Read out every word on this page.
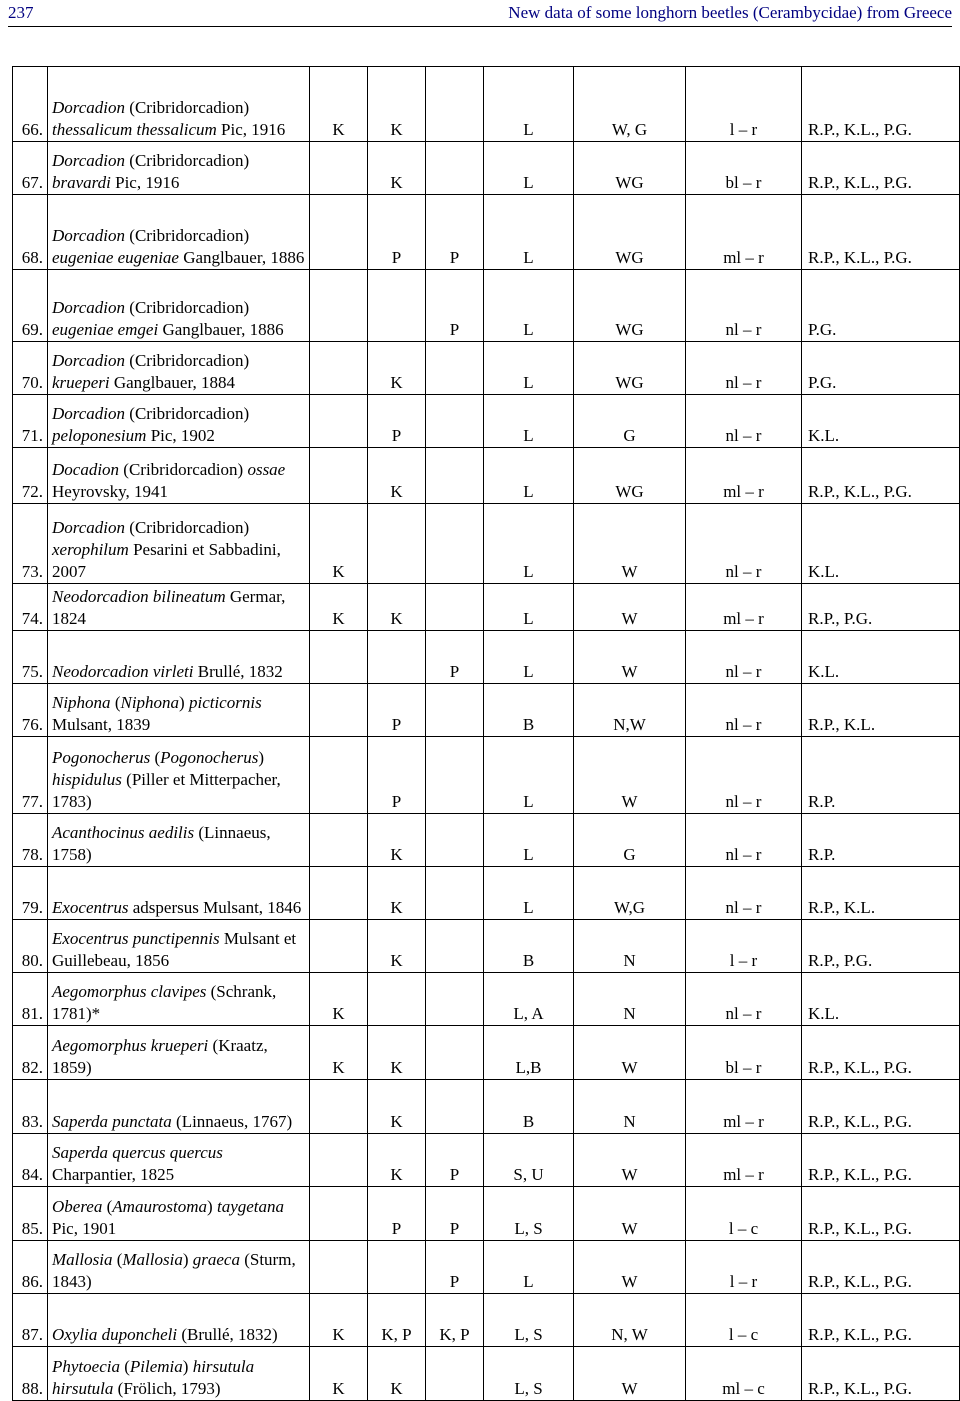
237	New data of some longhorn beetles (Cerambycidae) from Greece
66.	Dorcadion (Cribridorcadion) thessalicum thessalicum Pic, 1916	K	K		L	W, G	l – r	R.P., K.L., P.G.
67.	Dorcadion (Cribridorcadion) bravardi Pic, 1916		K		L	WG	bl – r	R.P., K.L., P.G.
68.	Dorcadion (Cribridorcadion) eugeniae eugeniae Ganglbauer, 1886		P	P	L	WG	ml – r	R.P., K.L., P.G.
69.	Dorcadion (Cribridorcadion) eugeniae emgei Ganglbauer, 1886			P	L	WG	nl – r	P.G.
70.	Dorcadion (Cribridorcadion) krueperi Ganglbauer, 1884		K		L	WG	nl – r	P.G.
71.	Dorcadion (Cribridorcadion) peloponesium Pic, 1902		P		L	G	nl – r	K.L.
72.	Docadion (Cribridorcadion) ossae Heyrovsky, 1941		K		L	WG	ml – r	R.P., K.L., P.G.
73.	Dorcadion (Cribridorcadion) xerophilum Pesarini et Sabbadini, 2007	K			L	W	nl – r	K.L.
74.	Neodorcadion bilineatum Germar, 1824	K	K		L	W	ml – r	R.P., P.G.
75.	Neodorcadion virleti Brullé, 1832			P	L	W	nl – r	K.L.
76.	Niphona (Niphona) picticornis Mulsant, 1839		P		B	N,W	nl – r	R.P., K.L.
77.	Pogonocherus (Pogonocherus) hispidulus (Piller et Mitterpacher, 1783)		P		L	W	nl – r	R.P.
78.	Acanthocinus aedilis (Linnaeus, 1758)		K		L	G	nl – r	R.P.
79.	Exocentrus adspersus Mulsant, 1846		K		L	W,G	nl – r	R.P., K.L.
80.	Exocentrus punctipennis Mulsant et Guillebeau, 1856		K		B	N	l – r	R.P., P.G.
81.	Aegomorphus clavipes (Schrank, 1781)*	K			L, A	N	nl – r	K.L.
82.	Aegomorphus krueperi (Kraatz, 1859)	K	K		L,B	W	bl – r	R.P., K.L., P.G.
83.	Saperda punctata (Linnaeus, 1767)		K		B	N	ml – r	R.P., K.L., P.G.
84.	Saperda quercus quercus Charpantier, 1825		K	P	S, U	W	ml – r	R.P., K.L., P.G.
85.	Oberea (Amaurostoma) taygetana Pic, 1901		P	P	L, S	W	l – c	R.P., K.L., P.G.
86.	Mallosia (Mallosia) graeca (Sturm, 1843)			P	L	W	l – r	R.P., K.L., P.G.
87.	Oxylia duponcheli (Brullé, 1832)	K	K, P	K, P	L, S	N, W	l – c	R.P., K.L., P.G.
88.	Phytoecia (Pilemia) hirsutula hirsutula (Frölich, 1793)	K	K		L, S	W	ml – c	R.P., K.L., P.G.
